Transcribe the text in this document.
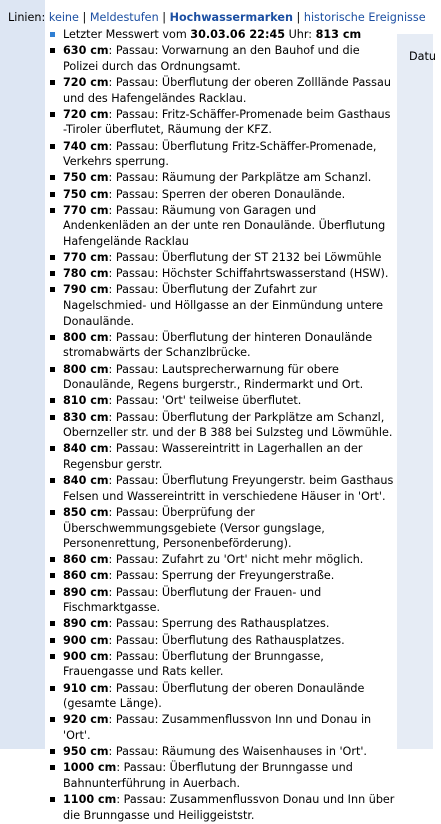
Datu
Linien: keine | Meldestufen | Hochwassermarken | historische Ereignisse
Letzter Messwert vom 30.03.06 22:45 Uhr: 813 cm
630 cm: Passau: Vorwarnung an den Bauhof und die Polizei durch das Ordnungsamt.
720 cm: Passau: Überflutung der oberen Zolllände Passau und des Hafengeländes Racklau.
720 cm: Passau: Fritz-Schäffer-Promenade beim Gasthaus -Tiroler überflutet, Räumung der KFZ.
740 cm: Passau: Überflutung Fritz-Schäffer-Promenade, Verkehrs sperrung.
750 cm: Passau: Räumung der Parkplätze am Schanzl.
750 cm: Passau: Sperren der oberen Donaulände.
770 cm: Passau: Räumung von Garagen und Andenkenläden an der unte ren Donaulände. Überflutung Hafengelände Racklau
770 cm: Passau: Überflutung der ST 2132 bei Löwmühle
780 cm: Passau: Höchster Schiffahrtswasserstand (HSW).
790 cm: Passau: Überflutung der Zufahrt zur Nagelschmied- und Höllgasse an der Einmündung untere Donaulände.
800 cm: Passau: Überflutung der hinteren Donaulände stromabwärts der Schanzlbrücke.
800 cm: Passau: Lautsprecherwarnung für obere Donaulände, Regens burgerstr., Rindermarkt und Ort.
810 cm: Passau: 'Ort' teilweise überflutet.
830 cm: Passau: Überflutung der Parkplätze am Schanzl, Obernzeller str. und der B 388 bei Sulzsteg und Löwmühle.
840 cm: Passau: Wassereintritt in Lagerhallen an der Regensbur gerstr.
840 cm: Passau: Überflutung Freyungerstr. beim Gasthaus Felsen und Wassereintritt in verschiedene Häuser in 'Ort'.
850 cm: Passau: Überprüfung der Überschwemmungsgebiete (Versor gungslage, Personenrettung, Personenbeförderung).
860 cm: Passau: Zufahrt zu 'Ort' nicht mehr möglich.
860 cm: Passau: Sperrung der Freyungerstraße.
890 cm: Passau: Überflutung der Frauen- und Fischmarktgasse.
890 cm: Passau: Sperrung des Rathausplatzes.
900 cm: Passau: Überflutung des Rathausplatzes.
900 cm: Passau: Überflutung der Brunngasse, Frauengasse und Rats keller.
910 cm: Passau: Überflutung der oberen Donaulände (gesamte Länge).
920 cm: Passau: Zusammenflussvon Inn und Donau in 'Ort'.
950 cm: Passau: Räumung des Waisenhauses in 'Ort'.
1000 cm: Passau: Überflutung der Brunngasse und Bahnunterführung in Auerbach.
1100 cm: Passau: Zusammenflussvon Donau und Inn über die Brunngasse und Heiliggeiststr.
